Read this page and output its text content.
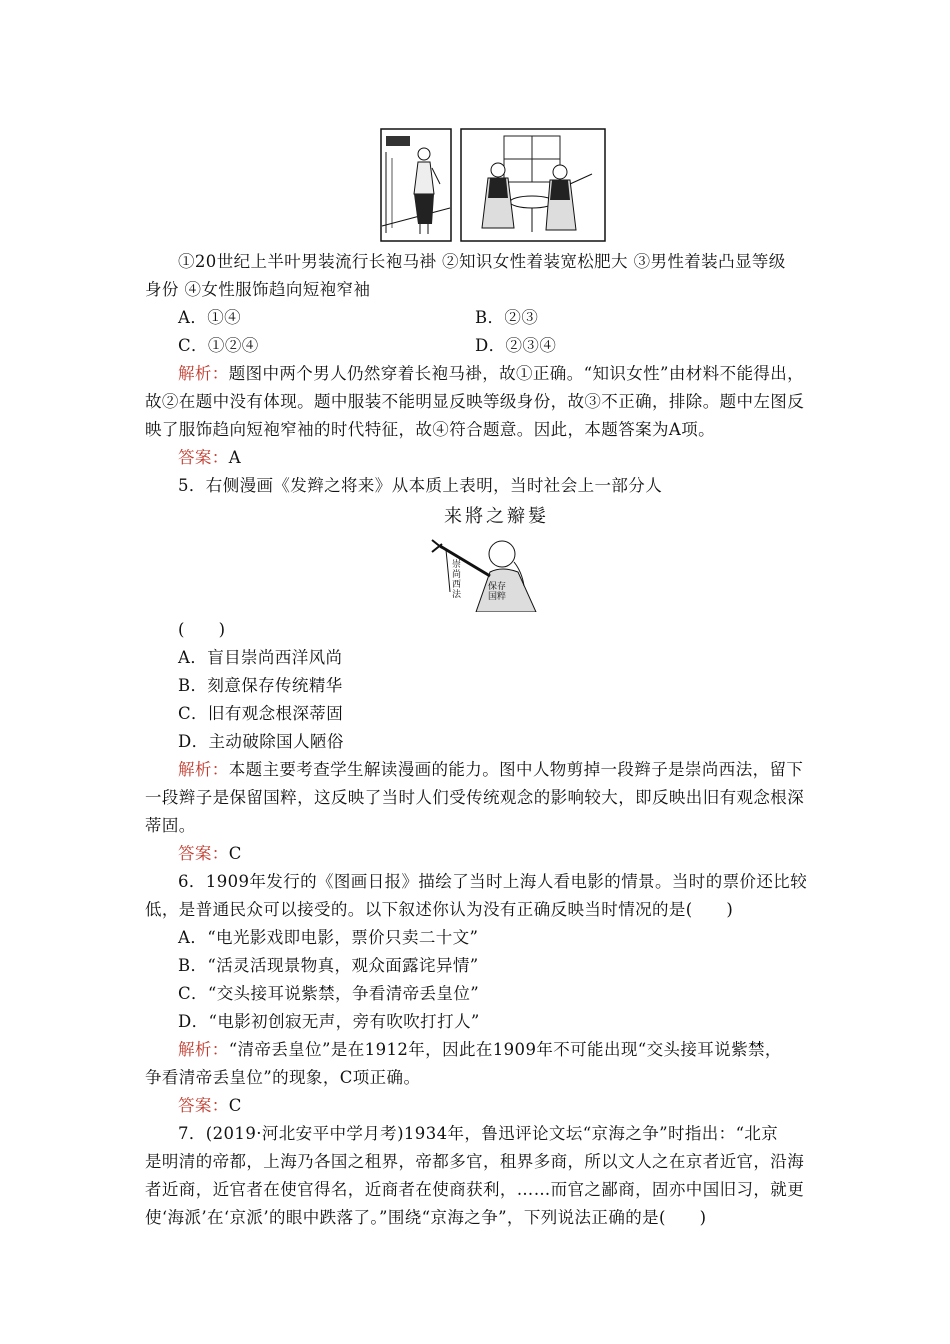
①20世纪上半叶男装流行长袍马褂 ②知识女性着装宽松肥大 ③男性着装凸显等级
身份 ④女性服饰趋向短袍窄袖
A．①④	B．②③
C．①②④	D．②③④
解析：题图中两个男人仍然穿着长袍马褂，故①正确。“知识女性”由材料不能得出，
故②在题中没有体现。题中服装不能明显反映等级身份，故③不正确，排除。题中左图反
映了服饰趋向短袍窄袖的时代特征，故④符合题意。因此，本题答案为A项。
答案：A
5．右侧漫画《发辫之将来》从本质上表明，当时社会上一部分人
来將之辮髮
崇尚西法
保存国粹
(　　)
A．盲目崇尚西洋风尚
B．刻意保存传统精华
C．旧有观念根深蒂固
D．主动破除国人陋俗
解析：本题主要考查学生解读漫画的能力。图中人物剪掉一段辫子是崇尚西法，留下
一段辫子是保留国粹，这反映了当时人们受传统观念的影响较大，即反映出旧有观念根深
蒂固。
答案：C
6．1909年发行的《图画日报》描绘了当时上海人看电影的情景。当时的票价还比较
低，是普通民众可以接受的。以下叙述你认为没有正确反映当时情况的是(　　)
A．“电光影戏即电影，票价只卖二十文”
B．“活灵活现景物真，观众面露诧异情”
C．“交头接耳说紫禁，争看清帝丢皇位”
D．“电影初创寂无声，旁有吹吹打打人”
解析：“清帝丢皇位”是在1912年，因此在1909年不可能出现“交头接耳说紫禁，
争看清帝丢皇位”的现象，C项正确。
答案：C
7．(2019·河北安平中学月考)1934年，鲁迅评论文坛“京海之争”时指出：“北京
是明清的帝都，上海乃各国之租界，帝都多官，租界多商，所以文人之在京者近官，沿海
者近商，近官者在使官得名，近商者在使商获利，……而官之鄙商，固亦中国旧习，就更
使‘海派’在‘京派’的眼中跌落了。”围绕“京海之争”，下列说法正确的是(　　)
